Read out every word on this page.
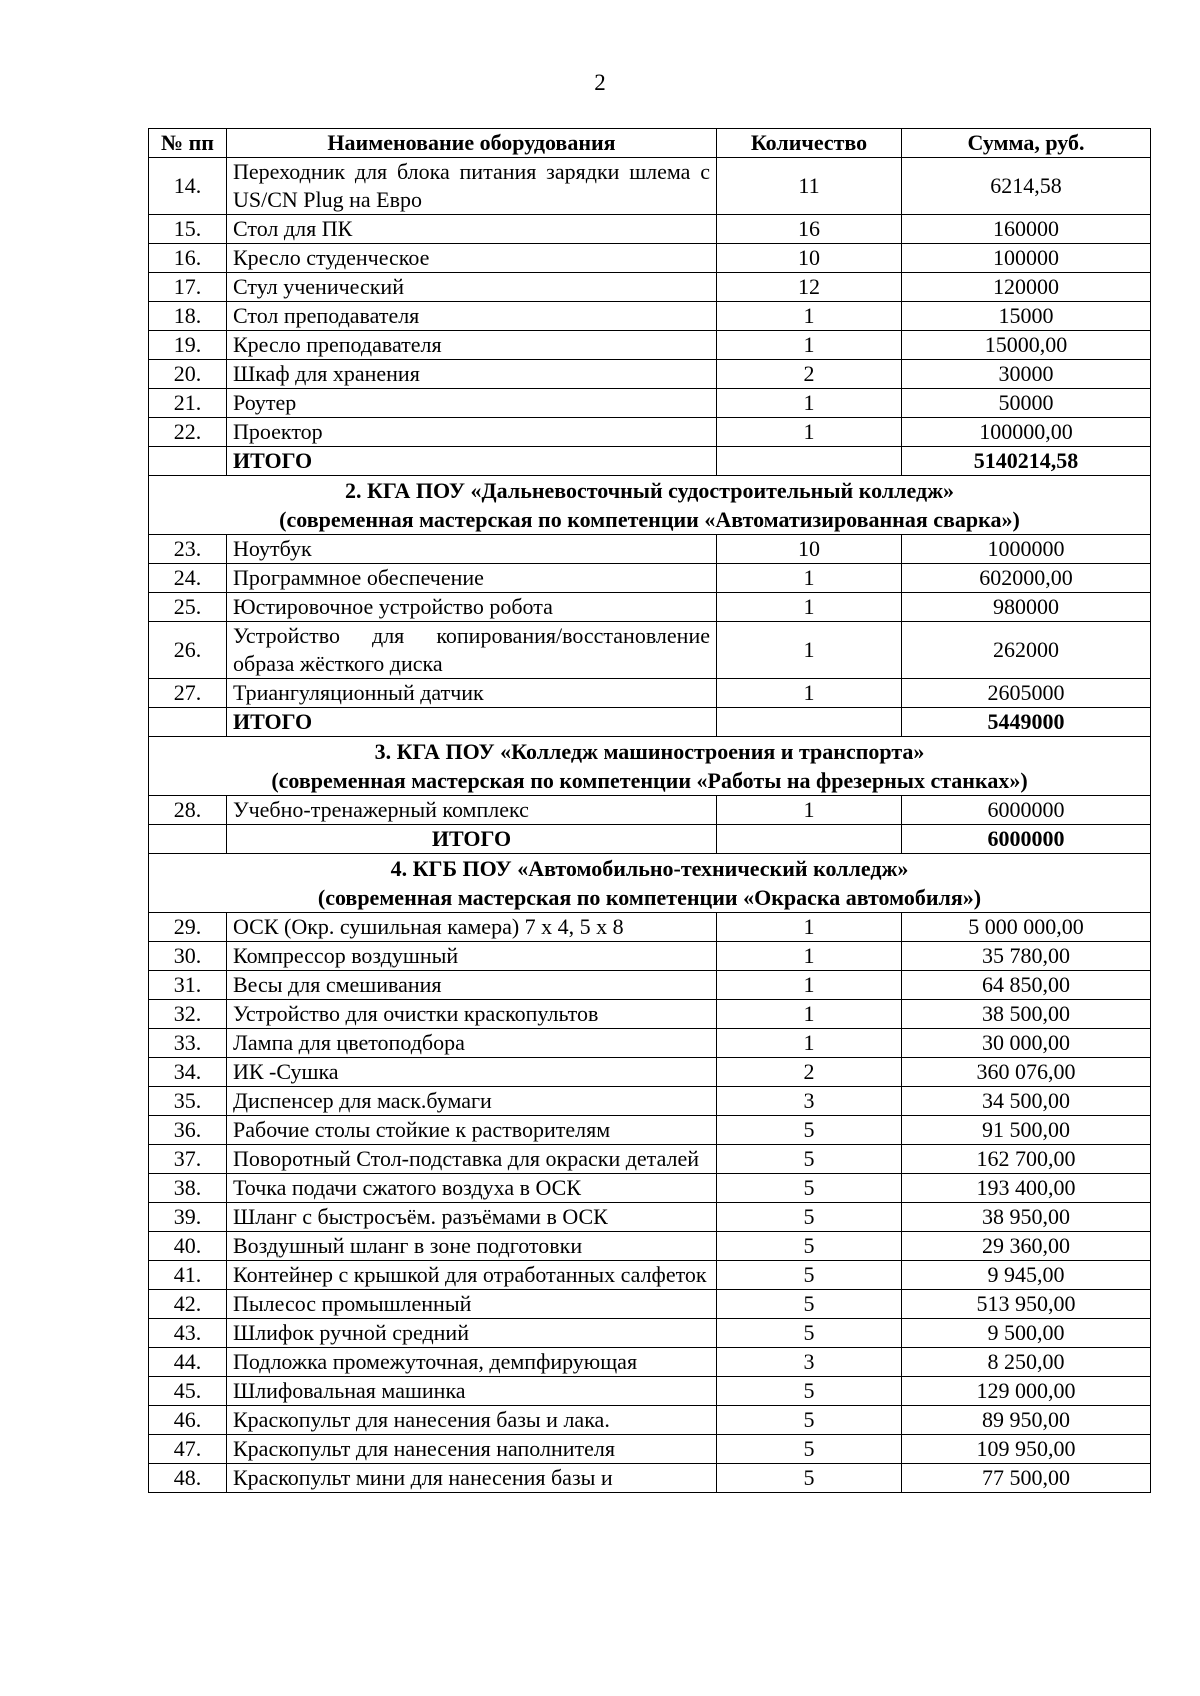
2
№ пп	Наименование оборудования	Количество	Сумма, руб.
14.	Переходник для блока питания зарядки шлема с US/CN Plug на Евро	11	6214,58
15.	Стол для ПК	16	160000
16.	Кресло студенческое	10	100000
17.	Стул ученический	12	120000
18.	Стол преподавателя	1	15000
19.	Кресло преподавателя	1	15000,00
20.	Шкаф для хранения	2	30000
21.	Роутер	1	50000
22.	Проектор	1	100000,00
	ИТОГО		5140214,58

2. КГА ПОУ «Дальневосточный судостроительный колледж»
(современная мастерская по компетенции «Автоматизированная сварка»)			

23.	Ноутбук	10	1000000
24.	Программное обеспечение	1	602000,00
25.	Юстировочное устройство робота	1	980000
26.	Устройство для копирования/восстановление образа жёсткого диска	1	262000
27.	Триангуляционный датчик	1	2605000
	ИТОГО		5449000

3. КГА ПОУ «Колледж машиностроения и транспорта»
(современная мастерская по компетенции «Работы на фрезерных станках»)			

28.	Учебно-тренажерный комплекс	1	6000000
	ИТОГО		6000000

4. КГБ ПОУ «Автомобильно-технический колледж»
(современная мастерская по компетенции «Окраска автомобиля»)			

29.	ОСК (Окр. сушильная камера) 7 х 4, 5 х 8	1	5 000 000,00
30.	Компрессор воздушный	1	35 780,00
31.	Весы для смешивания	1	64 850,00
32.	Устройство для очистки краскопультов	1	38 500,00
33.	Лампа для цветоподбора	1	30 000,00
34.	ИК -Сушка	2	360 076,00
35.	Диспенсер для маск.бумаги	3	34 500,00
36.	Рабочие столы стойкие к растворителям	5	91 500,00
37.	Поворотный Стол-подставка для окраски деталей	5	162 700,00
38.	Точка подачи сжатого воздуха в ОСК	5	193 400,00
39.	Шланг с быстросъём. разъёмами в ОСК	5	38 950,00
40.	Воздушный шланг в зоне подготовки	5	29 360,00
41.	Контейнер с крышкой для отработанных салфеток	5	9 945,00
42.	Пылесос промышленный	5	513 950,00
43.	Шлифок ручной средний	5	9 500,00
44.	Подложка промежуточная, демпфирующая	3	8 250,00
45.	Шлифовальная машинка	5	129 000,00
46.	Краскопульт для нанесения базы и лака.	5	89 950,00
47.	Краскопульт для нанесения наполнителя	5	109 950,00
48.	Краскопульт мини для нанесения базы и	5	77 500,00
